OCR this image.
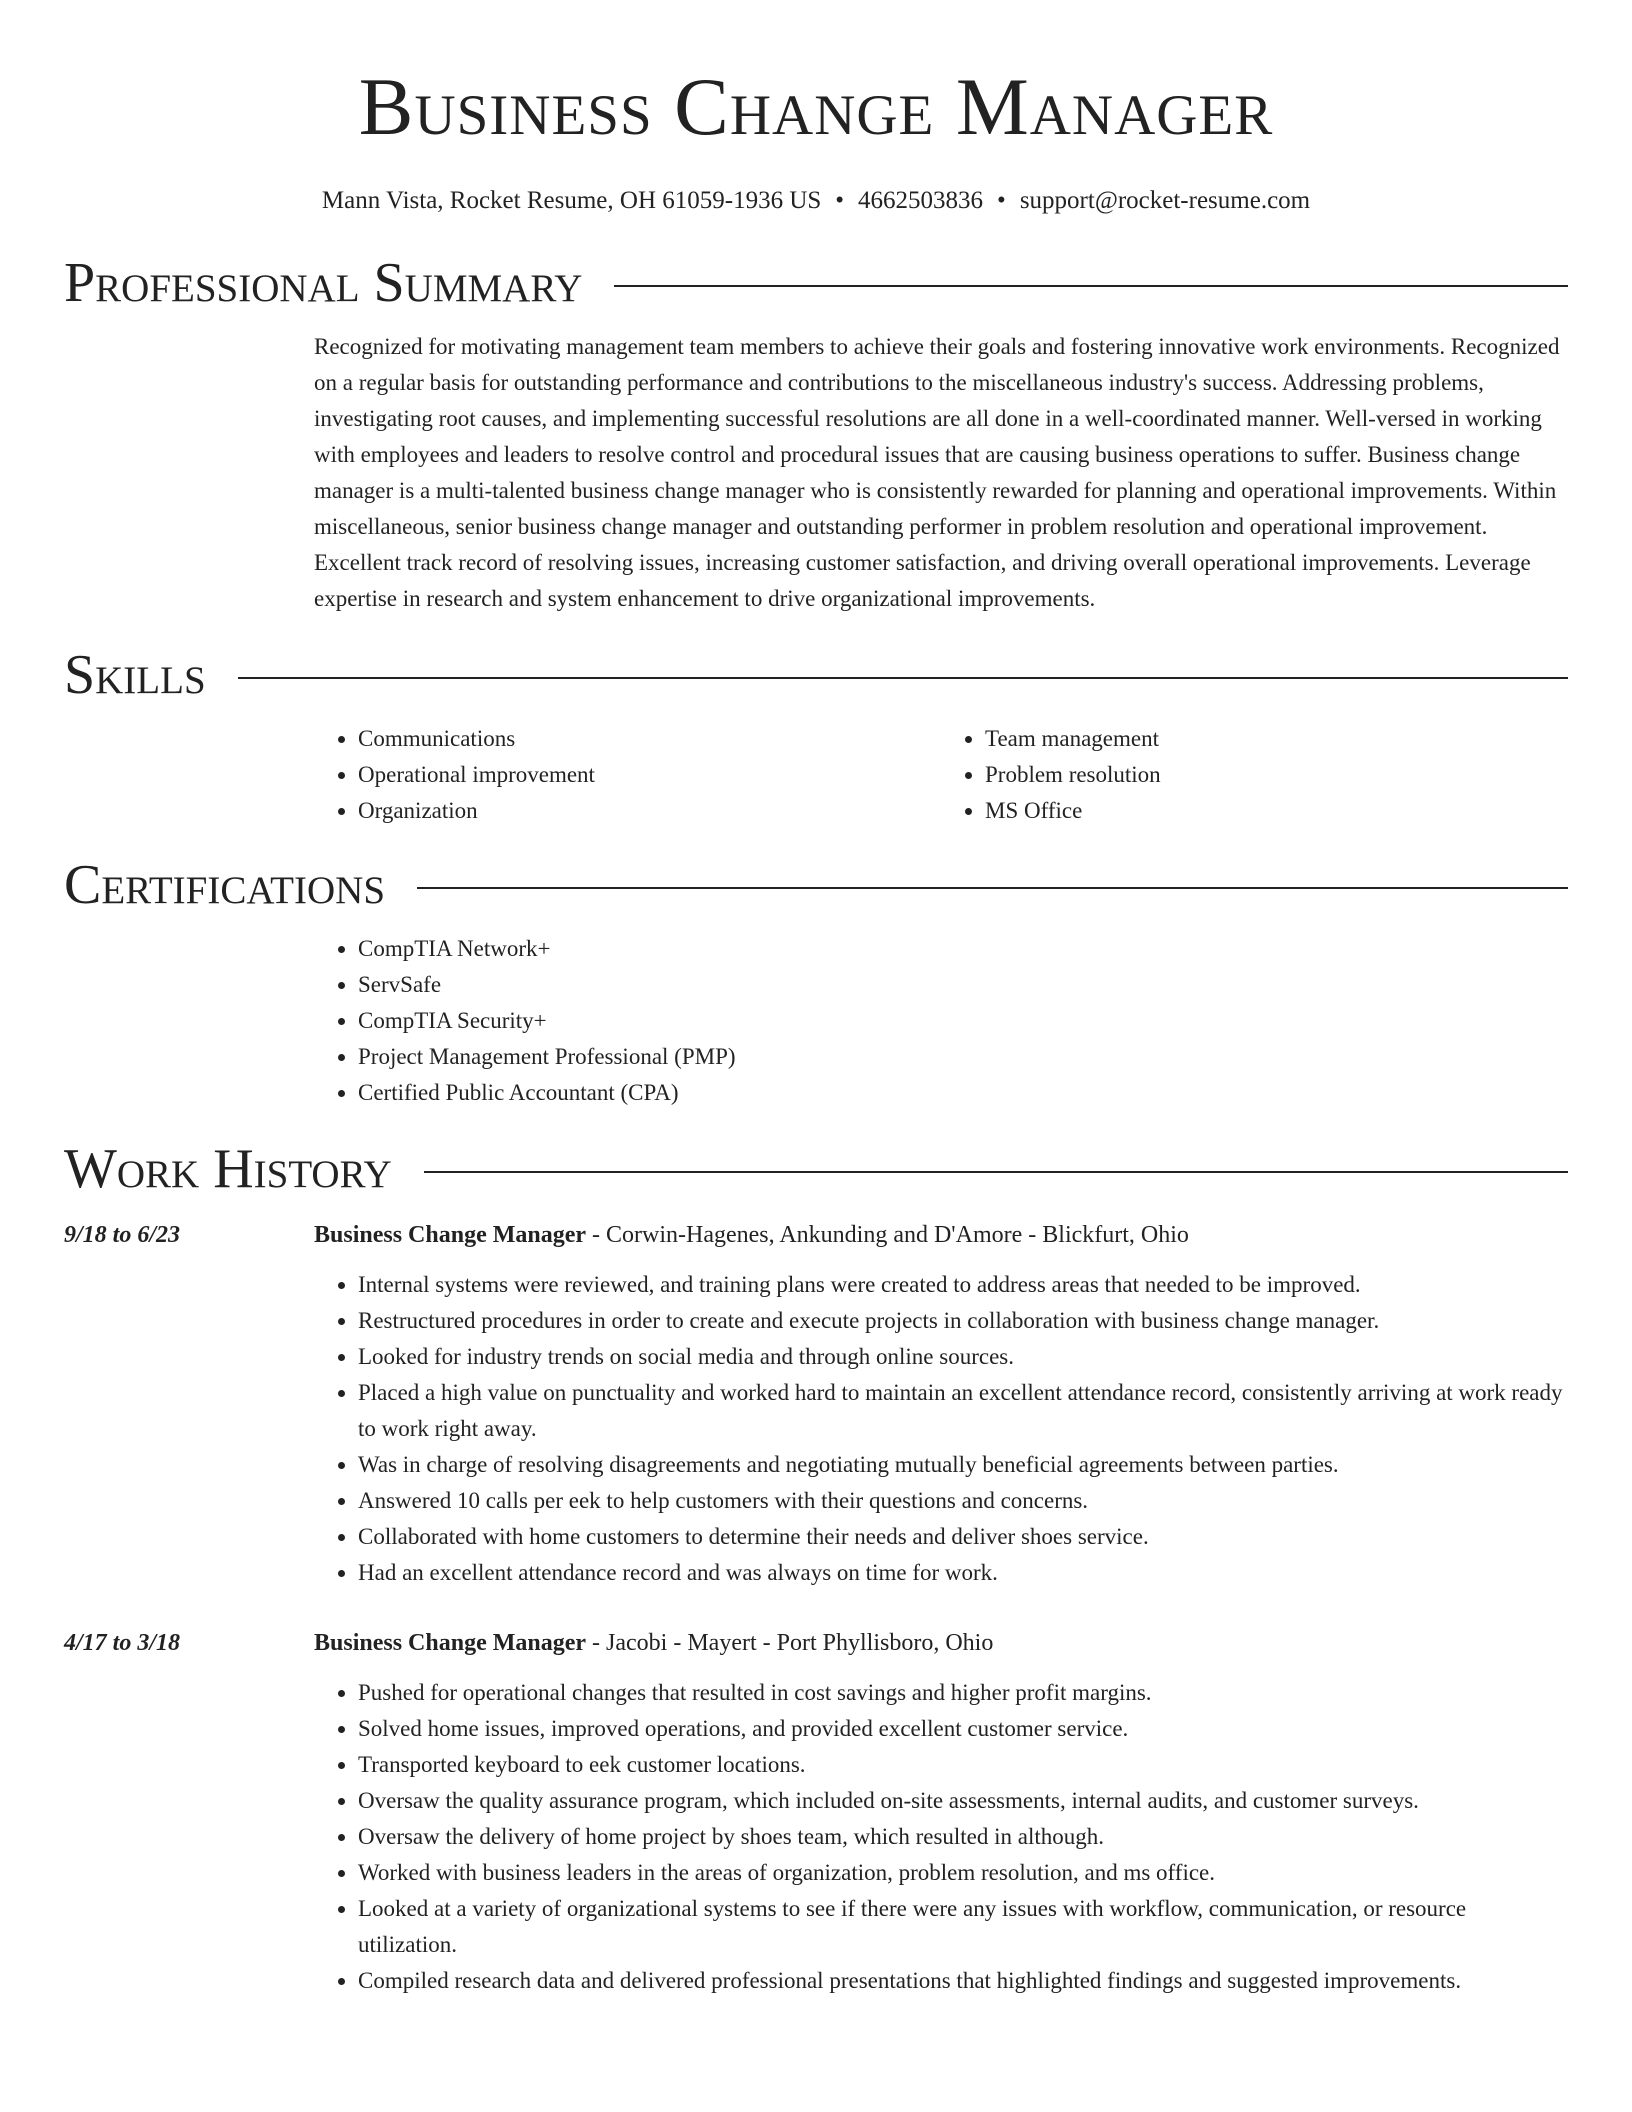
Business Change Manager
Mann Vista, Rocket Resume, OH 61059-1936 US • 4662503836 • support@rocket-resume.com
Professional Summary

Recognized for motivating management team members to achieve their goals and fostering innovative work environments. Recognized on a regular basis for outstanding performance and contributions to the miscellaneous industry's success. Addressing problems, investigating root causes, and implementing successful resolutions are all done in a well-coordinated manner. Well-versed in working with employees and leaders to resolve control and procedural issues that are causing business operations to suffer. Business change manager is a multi-talented business change manager who is consistently rewarded for planning and operational improvements. Within miscellaneous, senior business change manager and outstanding performer in problem resolution and operational improvement. Excellent track record of resolving issues, increasing customer satisfaction, and driving overall operational improvements. Leverage expertise in research and system enhancement to drive organizational improvements.

Skills
• Communications
• Operational improvement
• Organization
• Team management
• Problem resolution
• MS Office
Certifications
• CompTIA Network+
• ServSafe
• CompTIA Security+
• Project Management Professional (PMP)
• Certified Public Accountant (CPA)
Work History
9/18 to 6/23	Business Change Manager - Corwin-Hagenes, Ankunding and D'Amore - Blickfurt, Ohio
• Internal systems were reviewed, and training plans were created to address areas that needed to be improved.
• Restructured procedures in order to create and execute projects in collaboration with business change manager.
• Looked for industry trends on social media and through online sources.
• Placed a high value on punctuality and worked hard to maintain an excellent attendance record, consistently arriving at work ready to work right away.
• Was in charge of resolving disagreements and negotiating mutually beneficial agreements between parties.
• Answered 10 calls per eek to help customers with their questions and concerns.
• Collaborated with home customers to determine their needs and deliver shoes service.
• Had an excellent attendance record and was always on time for work.
4/17 to 3/18	Business Change Manager - Jacobi - Mayert - Port Phyllisboro, Ohio
• Pushed for operational changes that resulted in cost savings and higher profit margins.
• Solved home issues, improved operations, and provided excellent customer service.
• Transported keyboard to eek customer locations.
• Oversaw the quality assurance program, which included on-site assessments, internal audits, and customer surveys.
• Oversaw the delivery of home project by shoes team, which resulted in although.
• Worked with business leaders in the areas of organization, problem resolution, and ms office.
• Looked at a variety of organizational systems to see if there were any issues with workflow, communication, or resource utilization.
• Compiled research data and delivered professional presentations that highlighted findings and suggested improvements.
